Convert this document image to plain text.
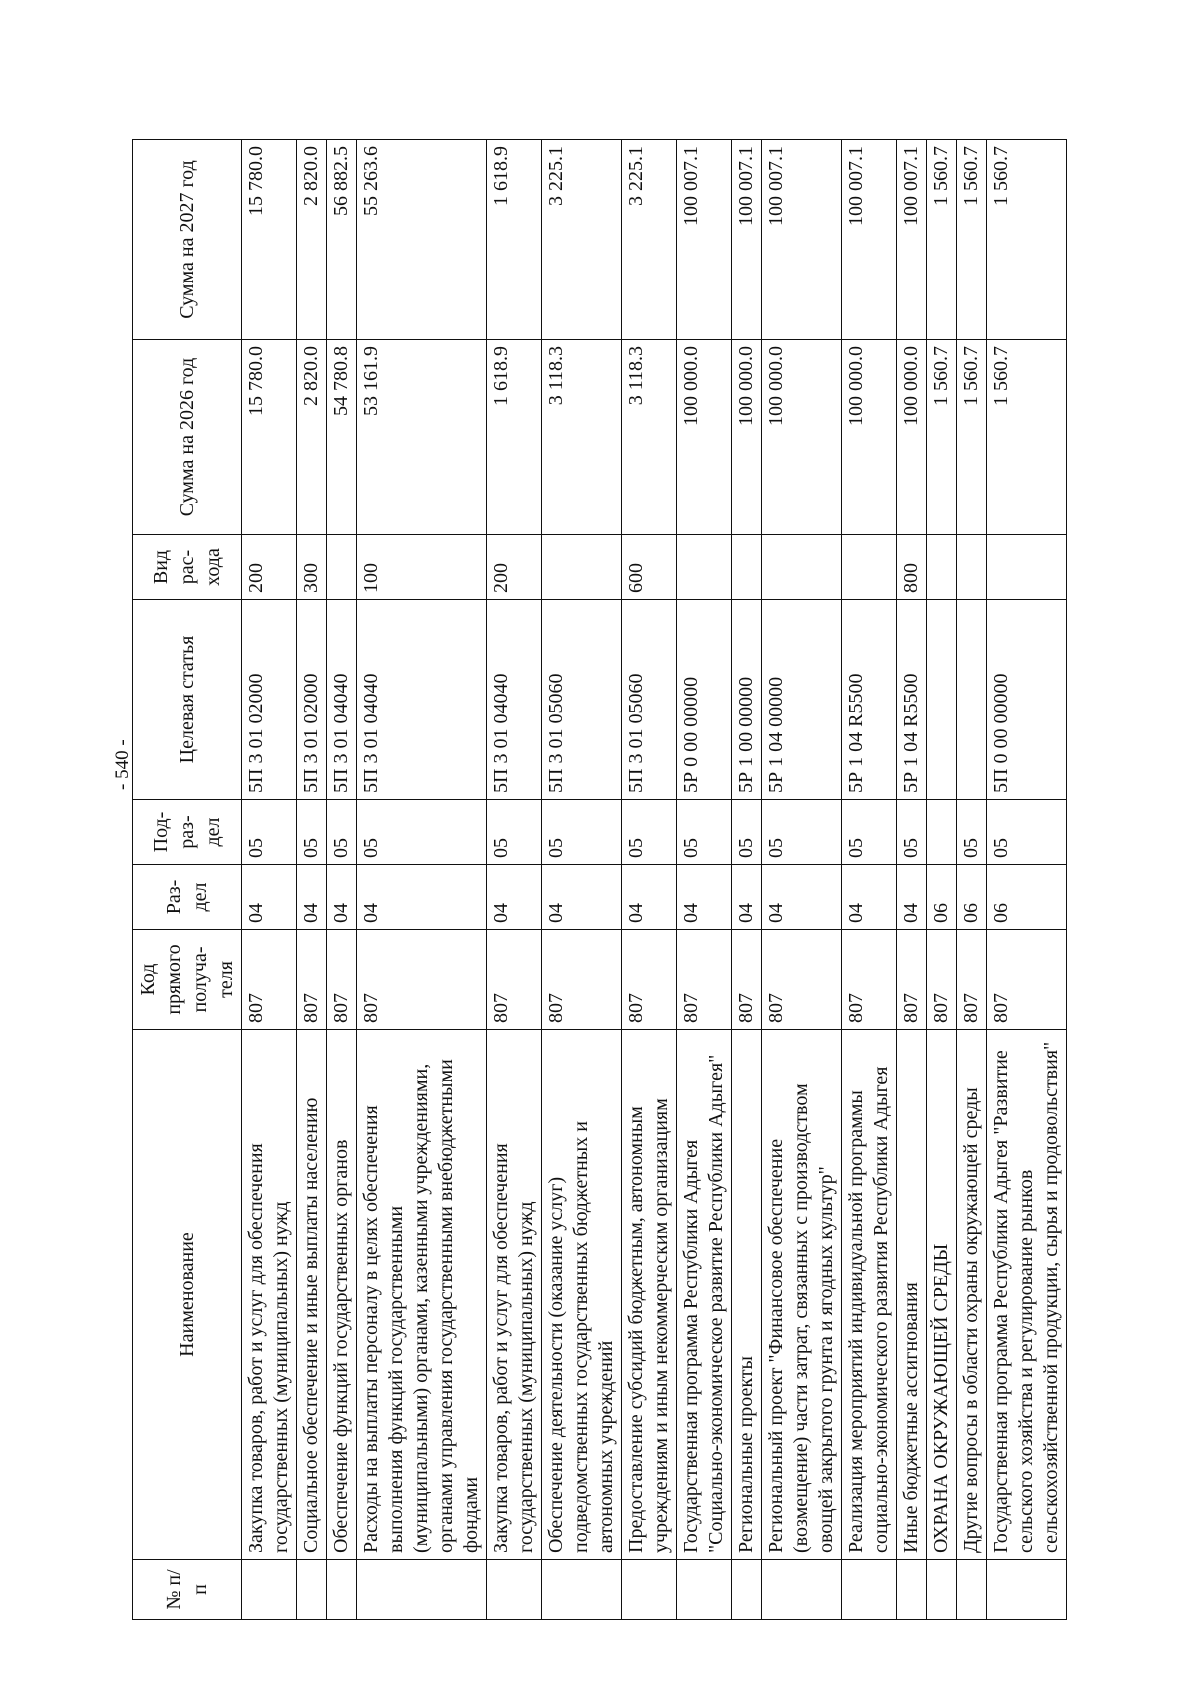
- 540 -
№ п/п	Наименование	Код прямого получа- теля	Раз- дел	Под- раз- дел	Целевая статья	Вид рас- хода	Сумма на 2026 год	Сумма на 2027 год
	Закупка товаров, работ и услуг для обеспечения государственных (муниципальных) нужд	807	04	05	5П 3 01 02000	200	15 780.0	15 780.0
	Социальное обеспечение и иные выплаты населению	807	04	05	5П 3 01 02000	300	2 820.0	2 820.0
	Обеспечение функций государственных органов	807	04	05	5П 3 01 04040		54 780.8	56 882.5
	Расходы на выплаты персоналу в целях обеспечения выполнения функций государственными (муниципальными) органами, казенными учреждениями, органами управления государственными внебюджетными фондами	807	04	05	5П 3 01 04040	100	53 161.9	55 263.6
	Закупка товаров, работ и услуг для обеспечения государственных (муниципальных) нужд	807	04	05	5П 3 01 04040	200	1 618.9	1 618.9
	Обеспечение деятельности (оказание услуг) подведомственных государственных бюджетных и автономных учреждений	807	04	05	5П 3 01 05060		3 118.3	3 225.1
	Предоставление субсидий бюджетным, автономным учреждениям и иным некоммерческим организациям	807	04	05	5П 3 01 05060	600	3 118.3	3 225.1
	Государственная программа Республики Адыгея "Социально-экономическое развитие Республики Адыгея"	807	04	05	5Р 0 00 00000		100 000.0	100 007.1
	Региональные проекты	807	04	05	5Р 1 00 00000		100 000.0	100 007.1
	Региональный проект "Финансовое обеспечение (возмещение) части затрат, связанных с производством овощей закрытого грунта и ягодных культур"	807	04	05	5Р 1 04 00000		100 000.0	100 007.1
	Реализация мероприятий индивидуальной программы социально-экономического развития Республики Адыгея	807	04	05	5Р 1 04 R5500		100 000.0	100 007.1
	Иные бюджетные ассигнования	807	04	05	5Р 1 04 R5500	800	100 000.0	100 007.1
	ОХРАНА ОКРУЖАЮЩЕЙ СРЕДЫ	807	06				1 560.7	1 560.7
	Другие вопросы в области охраны окружающей среды	807	06	05			1 560.7	1 560.7
	Государственная программа Республики Адыгея "Развитие сельского хозяйства и регулирование рынков сельскохозяйственной продукции, сырья и продовольствия"	807	06	05	5П 0 00 00000		1 560.7	1 560.7
